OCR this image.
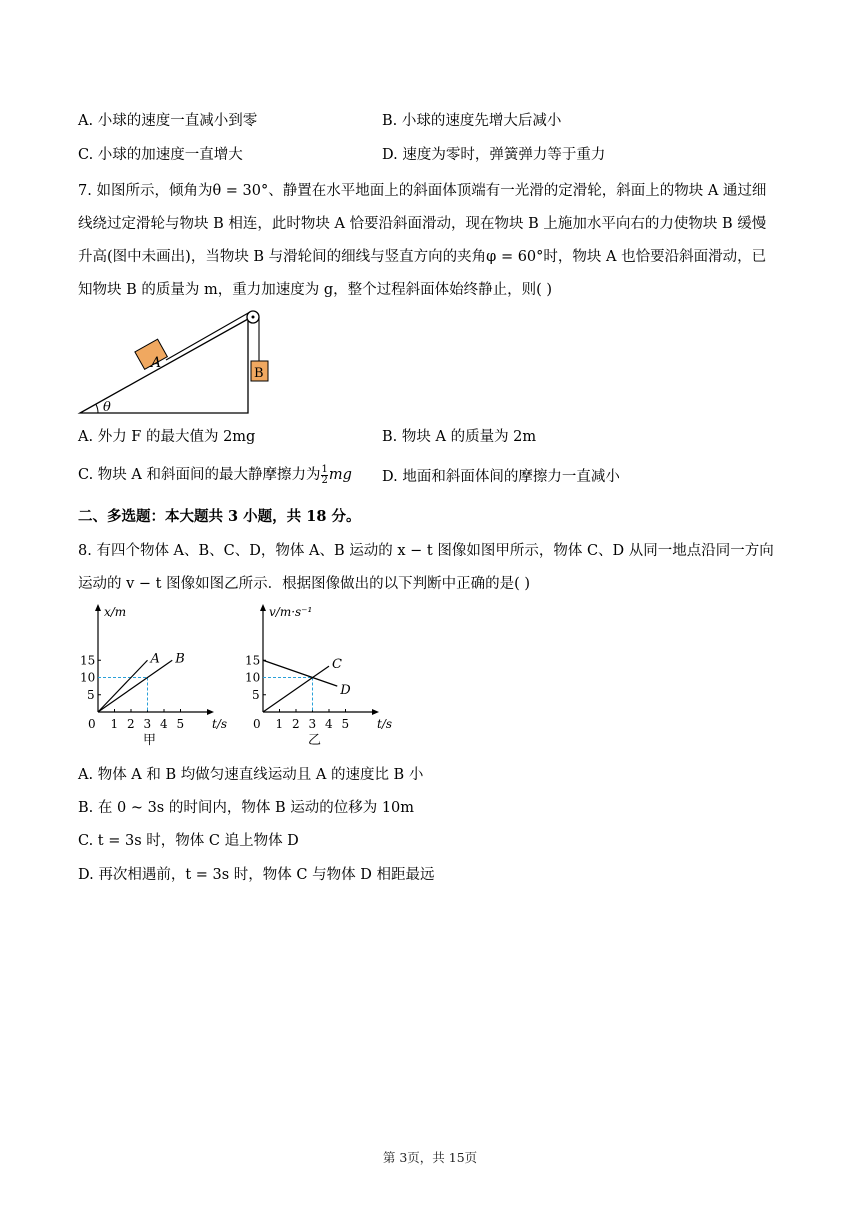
A. 小球的速度一直减小到零	B. 小球的速度先增大后减小
C. 小球的加速度一直增大	D. 速度为零时，弹簧弹力等于重力
7. 如图所示，倾角为θ = 30°、静置在水平地面上的斜面体顶端有一光滑的定滑轮，斜面上的物块 A 通过细
线绕过定滑轮与物块 B 相连，此时物块 A 恰要沿斜面滑动，现在物块 B 上施加水平向右的力使物块 B 缓慢
升高(图中未画出)，当物块 B 与滑轮间的细线与竖直方向的夹角φ = 60°时，物块 A 也恰要沿斜面滑动，已
知物块 B 的质量为 m，重力加速度为 g，整个过程斜面体始终静止，则( )
A
B
θ
A. 外力 F 的最大值为 2mg	B. 物块 A 的质量为 2m
C. 物块 A 和斜面间的最大静摩擦力为 $\frac{1}{2}$ mg D. 地面和斜面体间的摩擦力一直减小
二、多选题：本大题共 3 小题，共 18 分。
8. 有四个物体 A、B、C、D，物体 A、B 运动的 x − t 图像如图甲所示，物体 C、D 从同一地点沿同一方向
运动的 v − t 图像如图乙所示．根据图像做出的以下判断中正确的是( )
x/m
t/s
0 1 2 3 4 5
5
10
15	A B
甲
v/m·s⁻¹
t/s
0 1 2 3 4 5
5
10
15	C
D
乙
A. 物体 A 和 B 均做匀速直线运动且 A 的速度比 B 小
B. 在 0 ~ 3s 的时间内，物体 B 运动的位移为 10m
C. t = 3s 时，物体 C 追上物体 D
D. 再次相遇前，t = 3s 时，物体 C 与物体 D 相距最远
第 3页，共 15页
